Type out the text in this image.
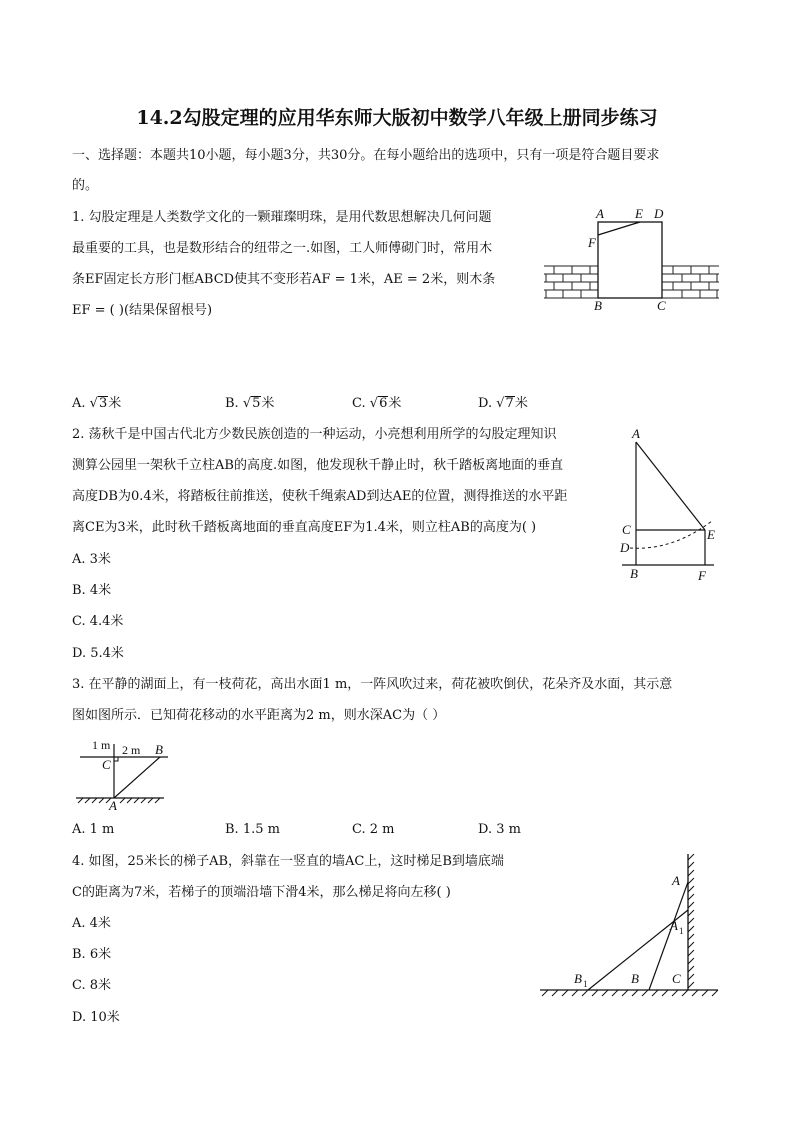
14.2勾股定理的应用华东师大版初中数学八年级上册同步练习
一、选择题：本题共10小题，每小题3分，共30分。在每小题给出的选项中，只有一项是符合题目要求
的。
1. 勾股定理是人类数学文化的一颗璀璨明珠，是用代数思想解决几何问题
最重要的工具，也是数形结合的纽带之一.如图，工人师傅砌门时，常用木
条EF固定长方形门框ABCD使其不变形若AF = 1米，AE = 2米，则木条
EF = ( )(结果保留根号)
A. √3米	B. √5米	C. √6米	D. √7米
A E D
F
B	C
2. 荡秋千是中国古代北方少数民族创造的一种运动，小亮想利用所学的勾股定理知识
测算公园里一架秋千立柱AB的高度.如图，他发现秋千静止时，秋千踏板离地面的垂直
高度DB为0.4米，将踏板往前推送，使秋千绳索AD到达AE的位置，测得推送的水平距
离CE为3米，此时秋千踏板离地面的垂直高度EF为1.4米，则立柱AB的高度为( )
A. 3米
B. 4米
C. 4.4米
D. 5.4米
A
C
D
E
B	F
3. 在平静的湖面上，有一枝荷花，高出水面1 m，一阵风吹过来，荷花被吹倒伏，花朵齐及水面，其示意
图如图所示．已知荷花移动的水平距离为2 m，则水深AC为（ ）
1 m 2 m B
C
A
A. 1 m	B. 1.5 m	C. 2 m	D. 3 m
4. 如图，25米长的梯子AB，斜靠在一竖直的墙AC上，这时梯足B到墙底端
C的距离为7米，若梯子的顶端沿墙下滑4米，那么梯足将向左移( )
A. 4米
B. 6米
C. 8米
D. 10米
A
A 1
B 1	B	C
